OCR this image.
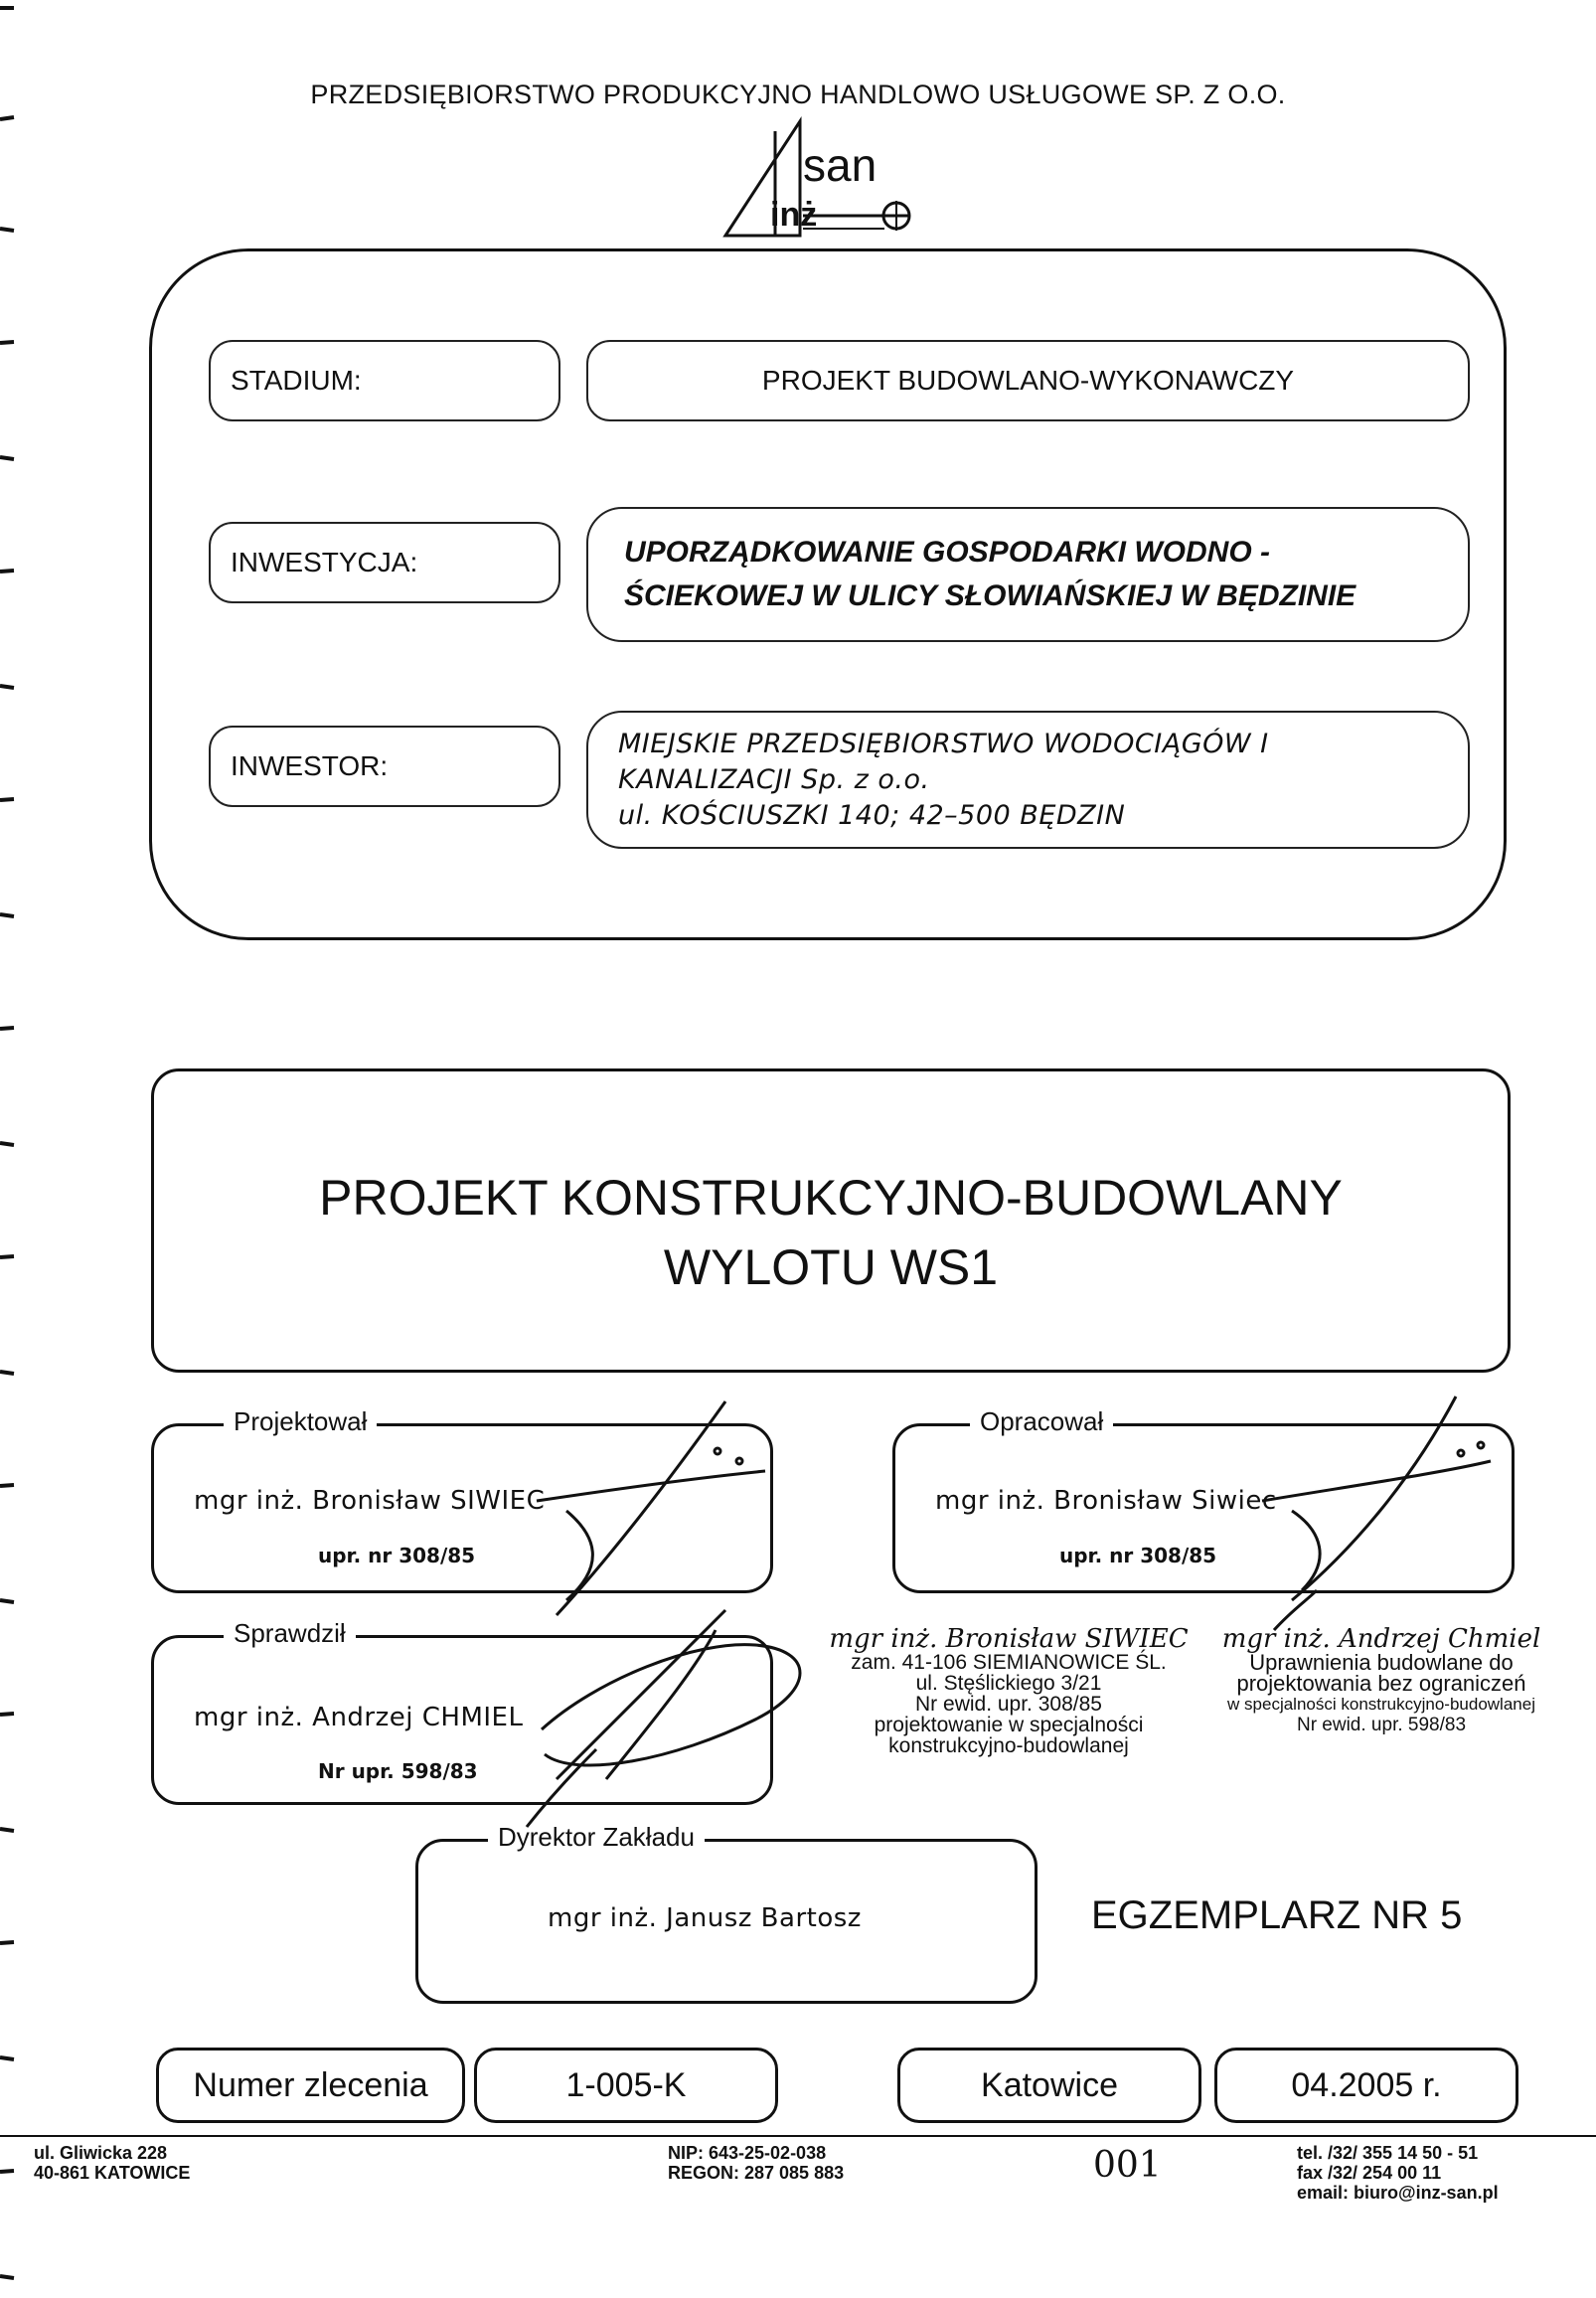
PRZEDSIĘBIORSTWO PRODUKCYJNO HANDLOWO USŁUGOWE SP. Z O.O.
inż
san
STADIUM:	PROJEKT BUDOWLANO-WYKONAWCZY
INWESTYCJA:	UPORZĄDKOWANIE GOSPODARKI WODNO -
ŚCIEKOWEJ W ULICY SŁOWIAŃSKIEJ W BĘDZINIE
INWESTOR:
MIEJSKIE PRZEDSIĘBIORSTWO WODOCIĄGÓW I
KANALIZACJI Sp. z o.o.
ul. KOŚCIUSZKI 140; 42–500 BĘDZIN
PROJEKT KONSTRUKCYJNO-BUDOWLANY
WYLOTU WS1
Projektował
mgr inż. Bronisław SIWIEC
upr. nr 308/85
Opracował
mgr inż. Bronisław Siwiec
upr. nr 308/85
Sprawdził
mgr inż. Andrzej CHMIEL
Nr upr. 598/83
mgr inż. Bronisław SIWIEC
zam. 41-106 SIEMIANOWICE ŚL.
ul. Stęślickiego 3/21
Nr ewid. upr. 308/85
projektowanie w specjalności
konstrukcyjno-budowlanej
mgr inż. Andrzej Chmiel
Uprawnienia budowlane do
projektowania bez ograniczeń
w specjalności konstrukcyjno-budowlanej
Nr ewid. upr. 598/83
Dyrektor Zakładu
mgr inż. Janusz Bartosz	EGZEMPLARZ NR 5
Numer zlecenia	1-005-K	Katowice	04.2005 r.
ul. Gliwicka 228
40-861 KATOWICE
NIP: 643-25-02-038
REGON: 287 085 883
tel. /32/ 355 14 50 - 51
fax /32/ 254 00 11
email: biuro@inz-san.pl
001
